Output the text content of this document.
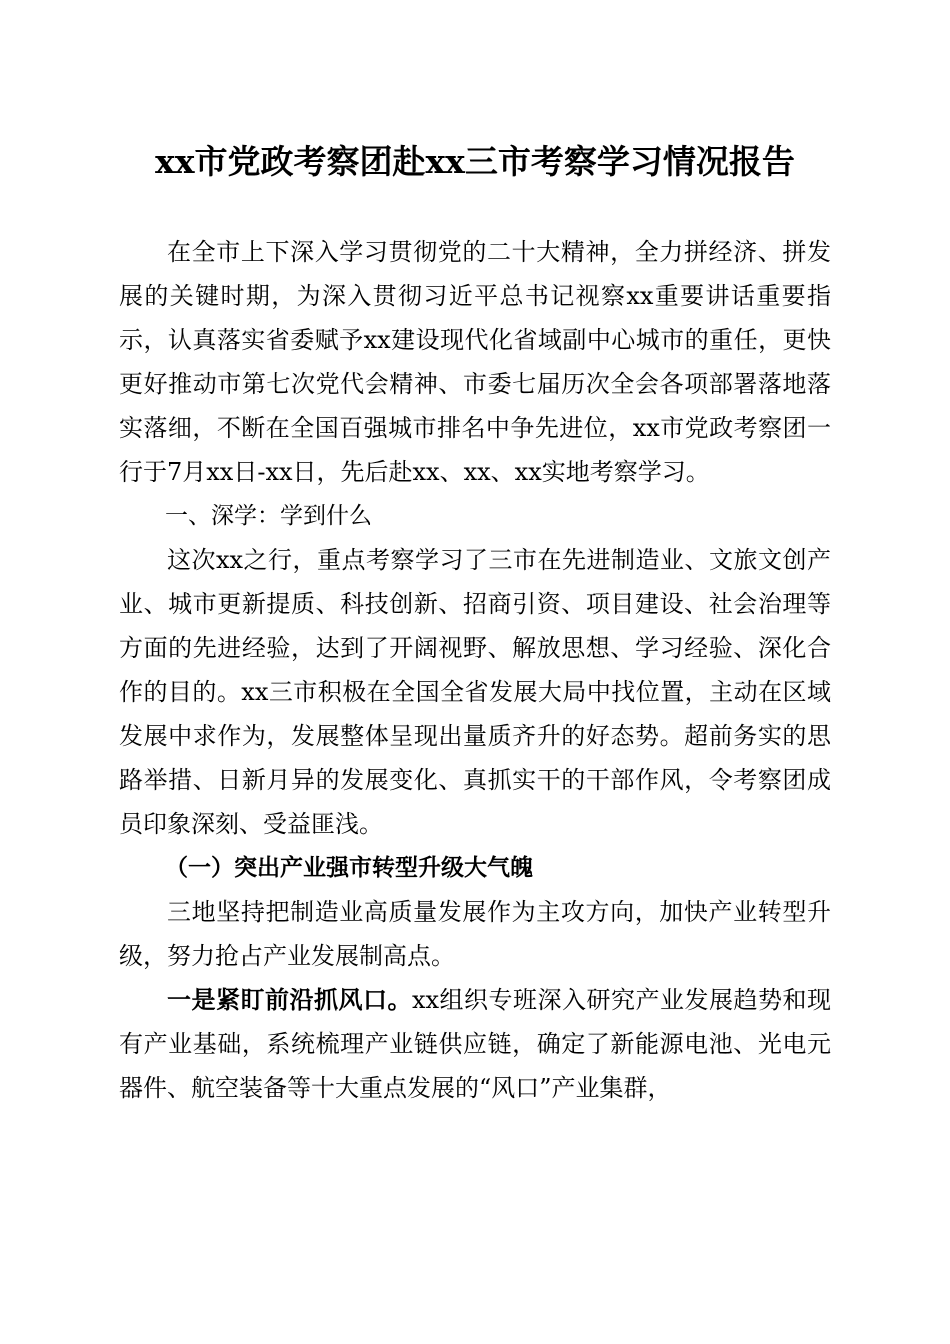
xx市党政考察团赴xx三市考察学习情况报告

在全市上下深入学习贯彻党的二十大精神，全力拼经济、拼发展的关键时期，为深入贯彻习近平总书记视察xx重要讲话重要指示，认真落实省委赋予xx建设现代化省域副中心城市的重任，更快更好推动市第七次党代会精神、市委七届历次全会各项部署落地落实落细，不断在全国百强城市排名中争先进位，xx市党政考察团一行于7月xx日-xx日，先后赴xx、xx、xx实地考察学习。

一、深学：学到什么

这次xx之行，重点考察学习了三市在先进制造业、文旅文创产业、城市更新提质、科技创新、招商引资、项目建设、社会治理等方面的先进经验，达到了开阔视野、解放思想、学习经验、深化合作的目的。xx三市积极在全国全省发展大局中找位置，主动在区域发展中求作为，发展整体呈现出量质齐升的好态势。超前务实的思路举措、日新月异的发展变化、真抓实干的干部作风，令考察团成员印象深刻、受益匪浅。

（一）突出产业强市转型升级大气魄

三地坚持把制造业高质量发展作为主攻方向，加快产业转型升级，努力抢占产业发展制高点。

一是紧盯前沿抓风口。xx组织专班深入研究产业发展趋势和现有产业基础，系统梳理产业链供应链，确定了新能源电池、光电元器件、航空装备等十大重点发展的“风口”产业集群，
